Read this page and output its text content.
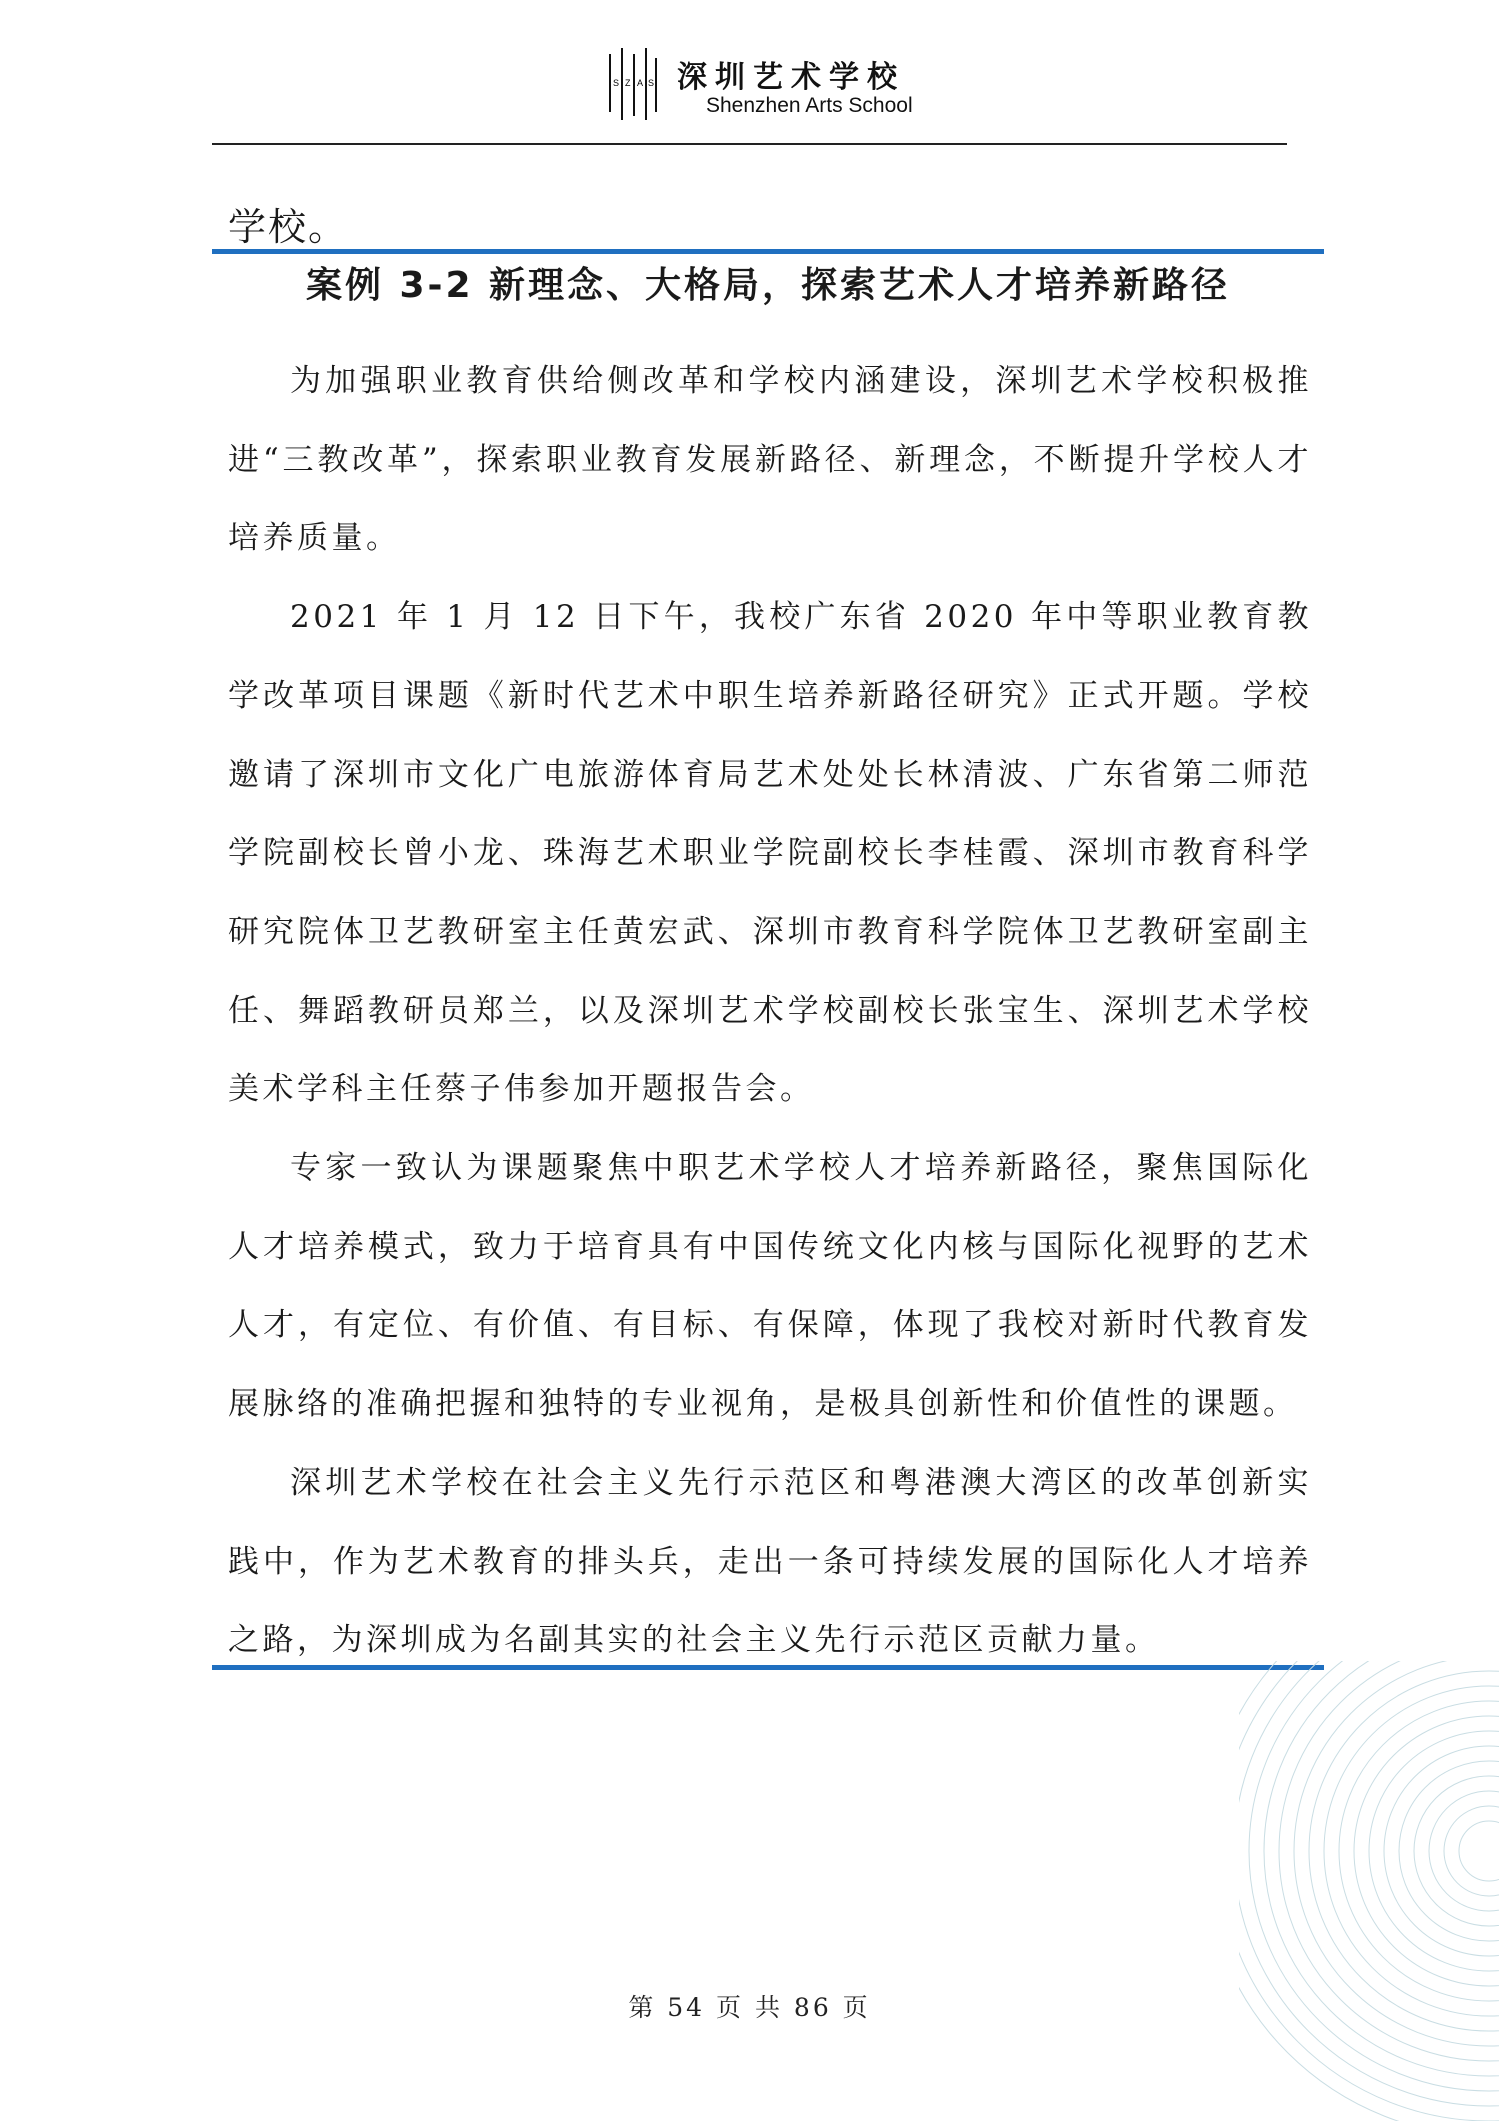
S Z A S 深圳艺术学校
Shenzhen Arts School
学校。
案例 3-2 新理念、大格局，探索艺术人才培养新路径

为加强职业教育供给侧改革和学校内涵建设，深圳艺术学校积极推进“三教改革”，探索职业教育发展新路径、新理念，不断提升学校人才培养质量。

2021 年 1 月 12 日下午，我校广东省 2020 年中等职业教育教学改革项目课题《新时代艺术中职生培养新路径研究》正式开题。学校邀请了深圳市文化广电旅游体育局艺术处处长林清波、广东省第二师范学院副校长曾小龙、珠海艺术职业学院副校长李桂霞、深圳市教育科学研究院体卫艺教研室主任黄宏武、深圳市教育科学院体卫艺教研室副主任、舞蹈教研员郑兰，以及深圳艺术学校副校长张宝生、深圳艺术学校美术学科主任蔡子伟参加开题报告会。

专家一致认为课题聚焦中职艺术学校人才培养新路径，聚焦国际化人才培养模式，致力于培育具有中国传统文化内核与国际化视野的艺术人才，有定位、有价值、有目标、有保障，体现了我校对新时代教育发展脉络的准确把握和独特的专业视角，是极具创新性和价值性的课题。

深圳艺术学校在社会主义先行示范区和粤港澳大湾区的改革创新实践中，作为艺术教育的排头兵，走出一条可持续发展的国际化人才培养之路，为深圳成为名副其实的社会主义先行示范区贡献力量。

第 54 页 共 86 页
